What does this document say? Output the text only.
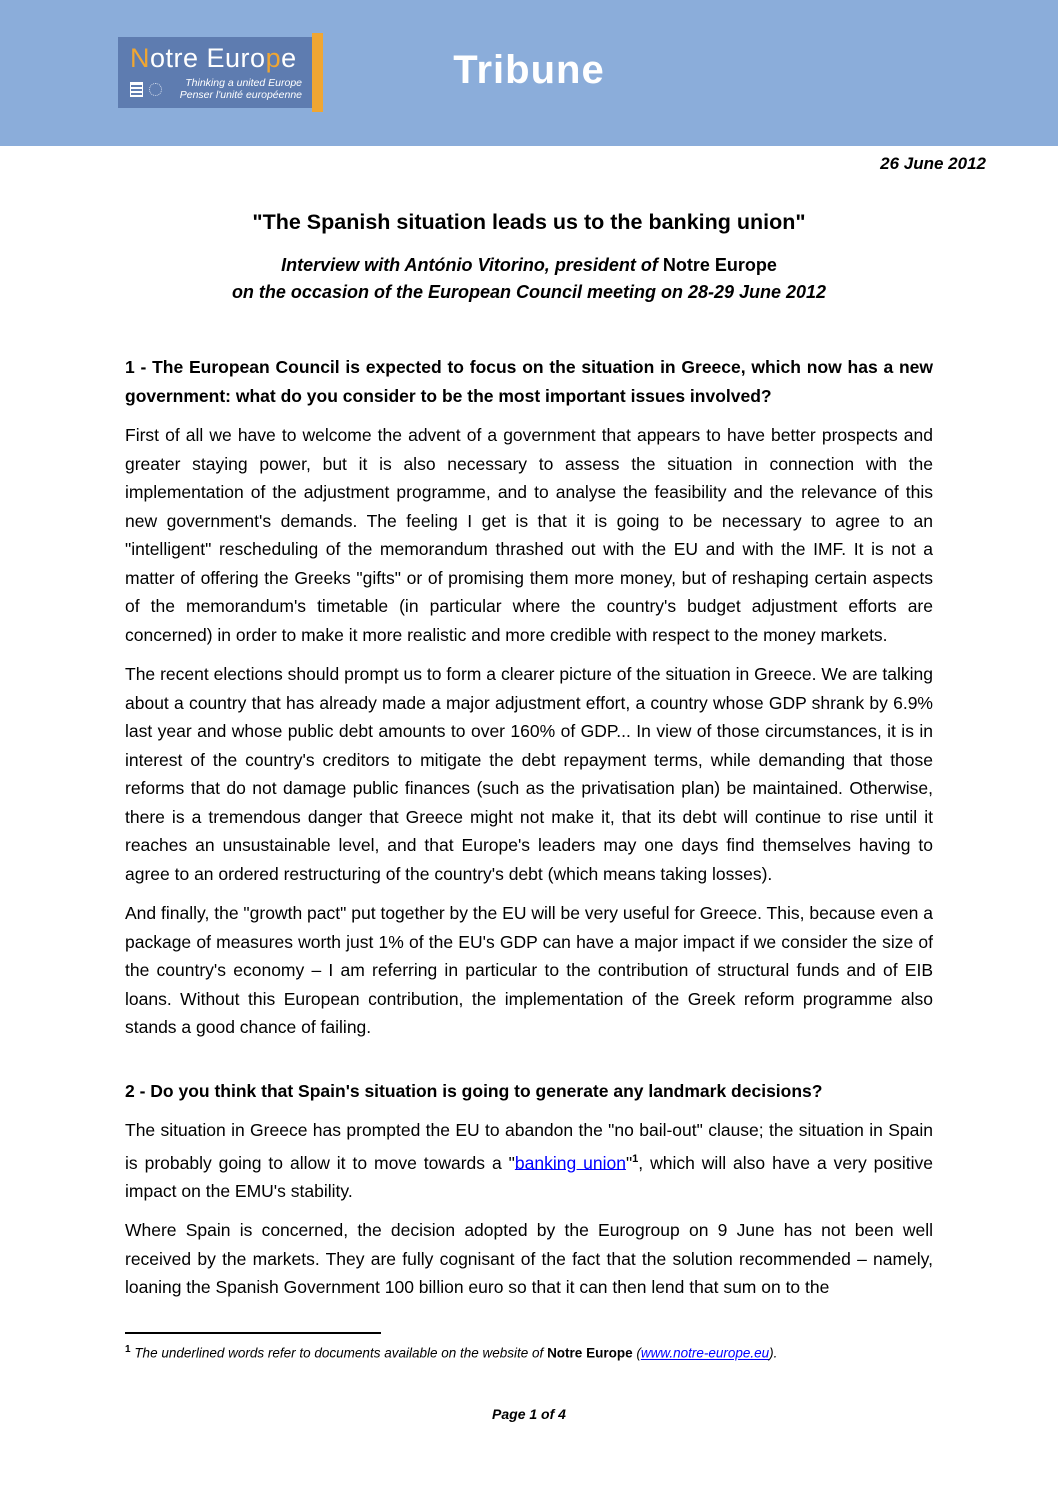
Notre Europe
Thinking a united Europe
Penser l'unité européenne
Tribune
26 June 2012
"The Spanish situation leads us to the banking union"
Interview with António Vitorino, president of Notre Europe
on the occasion of the European Council meeting on 28-29 June 2012

1 - The European Council is expected to focus on the situation in Greece, which now has a new government: what do you consider to be the most important issues involved?

First of all we have to welcome the advent of a government that appears to have better prospects and greater staying power, but it is also necessary to assess the situation in connection with the implementation of the adjustment programme, and to analyse the feasibility and the relevance of this new government's demands. The feeling I get is that it is going to be necessary to agree to an "intelligent" rescheduling of the memorandum thrashed out with the EU and with the IMF. It is not a matter of offering the Greeks "gifts" or of promising them more money, but of reshaping certain aspects of the memorandum's timetable (in particular where the country's budget adjustment efforts are concerned) in order to make it more realistic and more credible with respect to the money markets.

The recent elections should prompt us to form a clearer picture of the situation in Greece. We are talking about a country that has already made a major adjustment effort, a country whose GDP shrank by 6.9% last year and whose public debt amounts to over 160% of GDP... In view of those circumstances, it is in interest of the country's creditors to mitigate the debt repayment terms, while demanding that those reforms that do not damage public finances (such as the privatisation plan) be maintained. Otherwise, there is a tremendous danger that Greece might not make it, that its debt will continue to rise until it reaches an unsustainable level, and that Europe's leaders may one days find themselves having to agree to an ordered restructuring of the country's debt (which means taking losses).

And finally, the "growth pact" put together by the EU will be very useful for Greece. This, because even a package of measures worth just 1% of the EU's GDP can have a major impact if we consider the size of the country's economy – I am referring in particular to the contribution of structural funds and of EIB loans. Without this European contribution, the implementation of the Greek reform programme also stands a good chance of failing.

2 - Do you think that Spain's situation is going to generate any landmark decisions?

The situation in Greece has prompted the EU to abandon the "no bail-out" clause; the situation in Spain is probably going to allow it to move towards a "banking union"$^1$, which will also have a very positive impact on the EMU's stability.

Where Spain is concerned, the decision adopted by the Eurogroup on 9 June has not been well received by the markets. They are fully cognisant of the fact that the solution recommended – namely, loaning the Spanish Government 100 billion euro so that it can then lend that sum on to the

$^1$ The underlined words refer to documents available on the website of Notre Europe (www.notre-europe.eu).
Page 1 of 4
